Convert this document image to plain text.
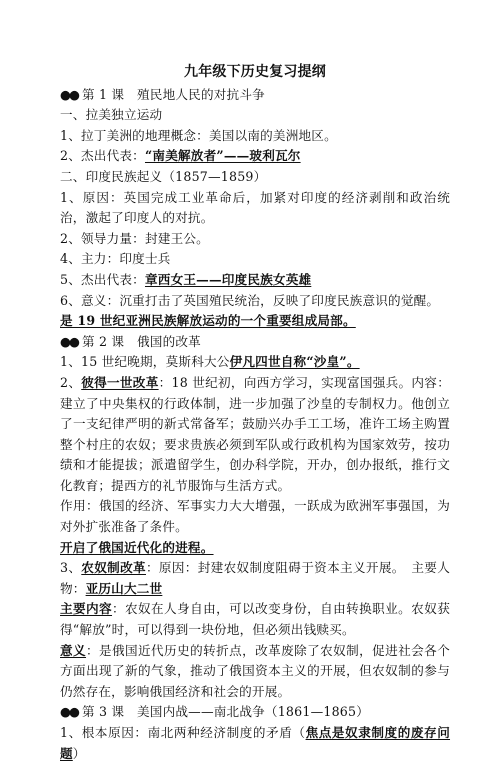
九年级下历史复习提纲
●● 第 1 课　殖民地人民的对抗斗争
一、拉美独立运动
1、拉丁美洲的地理概念：美国以南的美洲地区。
2、杰出代表：“南美解放者”——玻利瓦尔
二、印度民族起义（1857—1859）
1、原因：英国完成工业革命后，加紧对印度的经济剥削和政治统治，激起了印度人的对抗。
2、领导力量：封建王公。
4、主力：印度士兵
5、杰出代表：章西女王——印度民族女英雄
6、意义：沉重打击了英国殖民统治，反映了印度民族意识的觉醒。
是 19 世纪亚洲民族解放运动的一个重要组成局部。
●● 第 2 课　俄国的改革
1、15 世纪晚期，莫斯科大公伊凡四世自称“沙皇”。
2、彼得一世改革：18 世纪初，向西方学习，实现富国强兵。内容：建立了中央集权的行政体制，进一步加强了沙皇的专制权力。他创立了一支纪律严明的新式常备军；鼓励兴办手工工场，准许工场主购置整个村庄的农奴；要求贵族必须到军队或行政机构为国家效劳，按功绩和才能提拔；派遣留学生，创办科学院，开办，创办报纸，推行文化教育；提西方的礼节服饰与生活方式。
作用：俄国的经济、军事实力大大增强，一跃成为欧洲军事强国，为对外扩张准备了条件。
开启了俄国近代化的进程。
3、农奴制改革：原因：封建农奴制度阻碍于资本主义开展。　主要人物：亚历山大二世
主要内容：农奴在人身自由，可以改变身份，自由转换职业。农奴获得“解放”时，可以得到一块份地，但必须出钱赎买。
意义：是俄国近代历史的转折点，改革废除了农奴制，促进社会各个方面出现了新的气象，推动了俄国资本主义的开展，但农奴制的参与仍然存在，影响俄国经济和社会的开展。
●● 第 3 课　美国内战——南北战争（1861—1865）
1、根本原因：南北两种经济制度的矛盾（焦点是奴隶制度的废存问题）
